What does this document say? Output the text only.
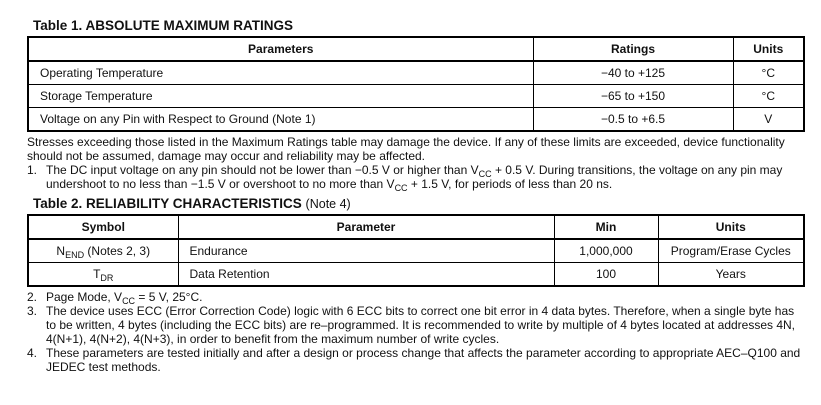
Table 1. ABSOLUTE MAXIMUM RATINGS
Parameters	Ratings	Units
Operating Temperature	−40 to +125	°C
Storage Temperature	−65 to +150	°C
Voltage on any Pin with Respect to Ground (Note 1)	−0.5 to +6.5	V

Stresses exceeding those listed in the Maximum Ratings table may damage the device. If any of these limits are exceeded, device functionality should not be assumed, damage may occur and reliability may be affected.

1. The DC input voltage on any pin should not be lower than −0.5 V or higher than $V_{CC} + 0.5$ V. During transitions, the voltage on any pin may undershoot to no less than −1.5 V or overshoot to no more than $V_{CC} + 1.5$ V, for periods of less than 20 ns.
Table 2. RELIABILITY CHARACTERISTICS (Note 4)
Symbol	Parameter	Min	Units
$N_{END}$ (Notes 2, 3)	Endurance	1,000,000	Program/Erase Cycles
$T_{DR}$	Data Retention	100	Years
2. Page Mode, $V_{CC} = 5$ V, 25°C.
3. The device uses ECC (Error Correction Code) logic with 6 ECC bits to correct one bit error in 4 data bytes. Therefore, when a single byte has to be written, 4 bytes (including the ECC bits) are re–programmed. It is recommended to write by multiple of 4 bytes located at addresses 4N, 4(N+1), 4(N+2), 4(N+3), in order to benefit from the maximum number of write cycles.
4. These parameters are tested initially and after a design or process change that affects the parameter according to appropriate AEC–Q100 and JEDEC test methods.
